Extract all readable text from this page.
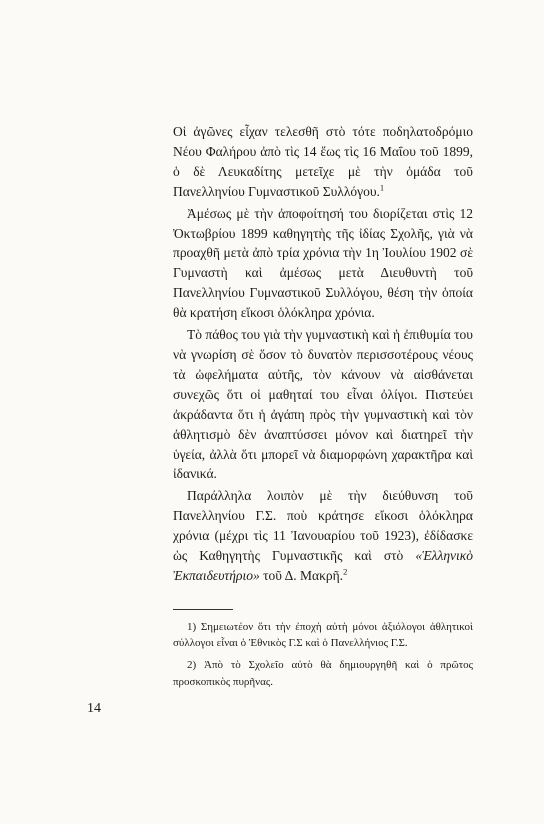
Οἱ ἀγῶνες εἶχαν τελεσθῆ στὸ τότε ποδηλατοδρόμιο Νέου Φαλήρου ἀπὸ τὶς 14 ἕως τὶς 16 Μαΐου τοῦ 1899, ὁ δὲ Λευκαδίτης μετεῖχε μὲ τὴν ὁμάδα τοῦ Πανελληνίου Γυμναστικοῦ Συλλόγου.$^1$

Ἀμέσως μὲ τὴν ἀποφοίτησή του διορίζεται στὶς 12 Ὀκτωβρίου 1899 καθηγητὴς τῆς ἰδίας Σχολῆς, γιὰ νὰ προαχθῆ μετὰ ἀπὸ τρία χρόνια τὴν 1η Ἰουλίου 1902 σὲ Γυμναστὴ καὶ ἀμέσως μετὰ Διευθυντὴ τοῦ Πανελληνίου Γυμναστικοῦ Συλλόγου, θέση τὴν ὁποία θὰ κρατήση εἴκοσι ὁλόκληρα χρόνια.

Τὸ πάθος του γιὰ τὴν γυμναστικὴ καὶ ἡ ἐπιθυμία του νὰ γνωρίση σὲ ὅσον τὸ δυνατὸν περισσοτέρους νέους τὰ ὠφελήματα αὐτῆς, τὸν κάνουν νὰ αἰσθάνεται συνεχῶς ὅτι οἱ μαθηταί του εἶναι ὀλίγοι. Πιστεύει ἀκράδαντα ὅτι ἡ ἀγάπη πρὸς τὴν γυμναστικὴ καὶ τὸν ἀθλητισμὸ δὲν ἀναπτύσσει μόνον καὶ διατηρεῖ τὴν ὑγεία, ἀλλὰ ὅτι μπορεῖ νὰ διαμορφώνη χαρακτῆρα καὶ ἰδανικά.

Παράλληλα λοιπὸν μὲ τὴν διεύθυνση τοῦ Πανελληνίου Γ.Σ. ποὺ κράτησε εἴκοσι ὁλόκληρα χρόνια (μέχρι τὶς 11 Ἰανουαρίου τοῦ 1923), ἐδίδασκε ὡς Καθηγητὴς Γυμναστικῆς καὶ στὸ «Ἑλληνικὸ Ἐκπαιδευτήριο» τοῦ Δ. Μακρῆ.$^2$

1) Σημειωτέον ὅτι τὴν ἐποχὴ αὐτὴ μόνοι ἀξιόλογοι ἀθλητικοὶ σύλλογοι εἶναι ὁ Ἐθνικὸς Γ.Σ καὶ ὁ Πανελλήνιος Γ.Σ.

2) Ἀπὸ τὸ Σχολεῖο αὐτὸ θὰ δημιουργηθῆ καὶ ὁ πρῶτος προσκοπικὸς πυρῆνας.

14
